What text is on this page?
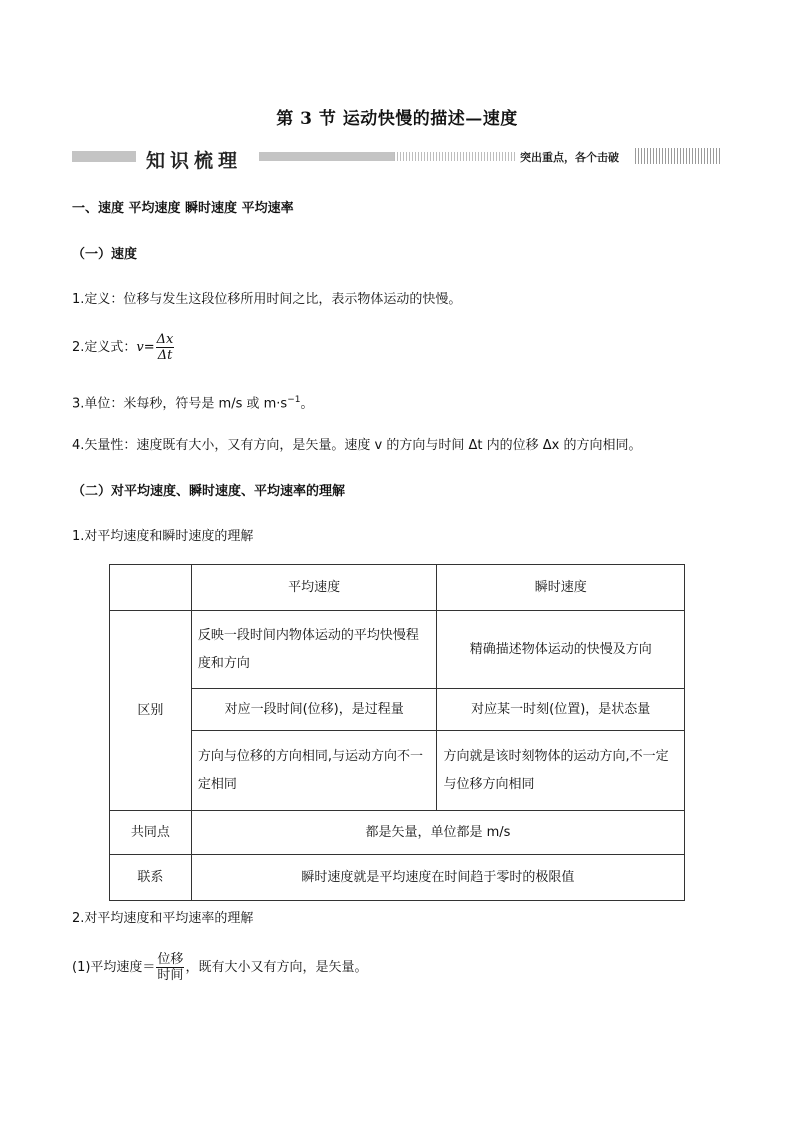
第 3 节 运动快慢的描述—速度
知识梳理	突出重点，各个击破
一、速度 平均速度 瞬时速度 平均速率
（一）速度
1.定义：位移与发生这段位移所用时间之比，表示物体运动的快慢。
2.定义式：$v= \frac{\Delta x}{\Delta t}$
3.单位：米每秒，符号是 m/s 或 $m\cdot s^{-1}$。
4.矢量性：速度既有大小，又有方向，是矢量。速度 v 的方向与时间 Δt 内的位移 Δx 的方向相同。
（二）对平均速度、瞬时速度、平均速率的理解
1.对平均速度和瞬时速度的理解
	平均速度	瞬时速度
区别	反映一段时间内物体运动的平均快慢程度和方向	精确描述物体运动的快慢及方向
	对应一段时间(位移)，是过程量	对应某一时刻(位置)，是状态量
	方向与位移的方向相同,与运动方向不一定相同	方向就是该时刻物体的运动方向,不一定与位移方向相同
共同点	都是矢量，单位都是 m/s	
联系	瞬时速度就是平均速度在时间趋于零时的极限值	
2.对平均速度和平均速率的理解
(1)平均速度＝ $\frac{\text{位移}}{\text{时间}}$ ，既有大小又有方向，是矢量。
